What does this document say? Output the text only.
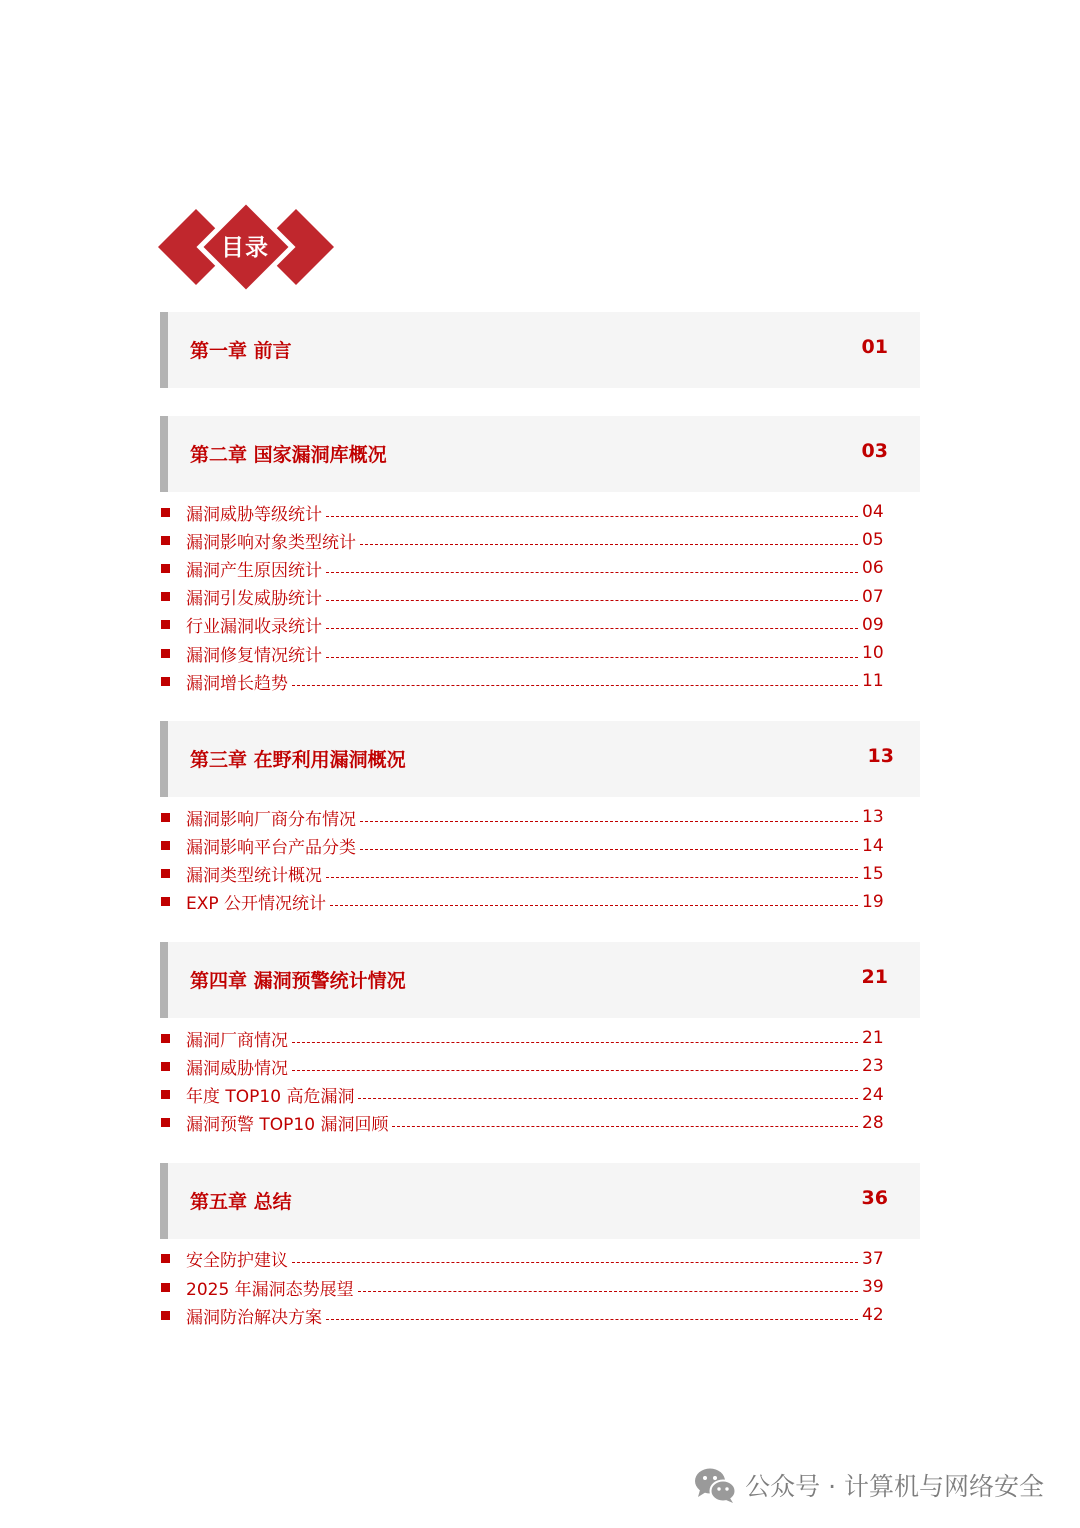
目录
第一章 前言	01
第二章 国家漏洞库概况	03
漏洞威胁等级统计	04
漏洞影响对象类型统计	05
漏洞产生原因统计	06
漏洞引发威胁统计	07
行业漏洞收录统计	09
漏洞修复情况统计	10
漏洞增长趋势	11
第三章 在野利用漏洞概况	13
漏洞影响厂商分布情况	13
漏洞影响平台产品分类	14
漏洞类型统计概况	15
EXP 公开情况统计	19
第四章 漏洞预警统计情况	21
漏洞厂商情况	21
漏洞威胁情况	23
年度 TOP10 高危漏洞	24
漏洞预警 TOP10 漏洞回顾	28
第五章 总结	36
安全防护建议	37
2025 年漏洞态势展望	39
漏洞防治解决方案	42
公众号 · 计算机与网络安全
